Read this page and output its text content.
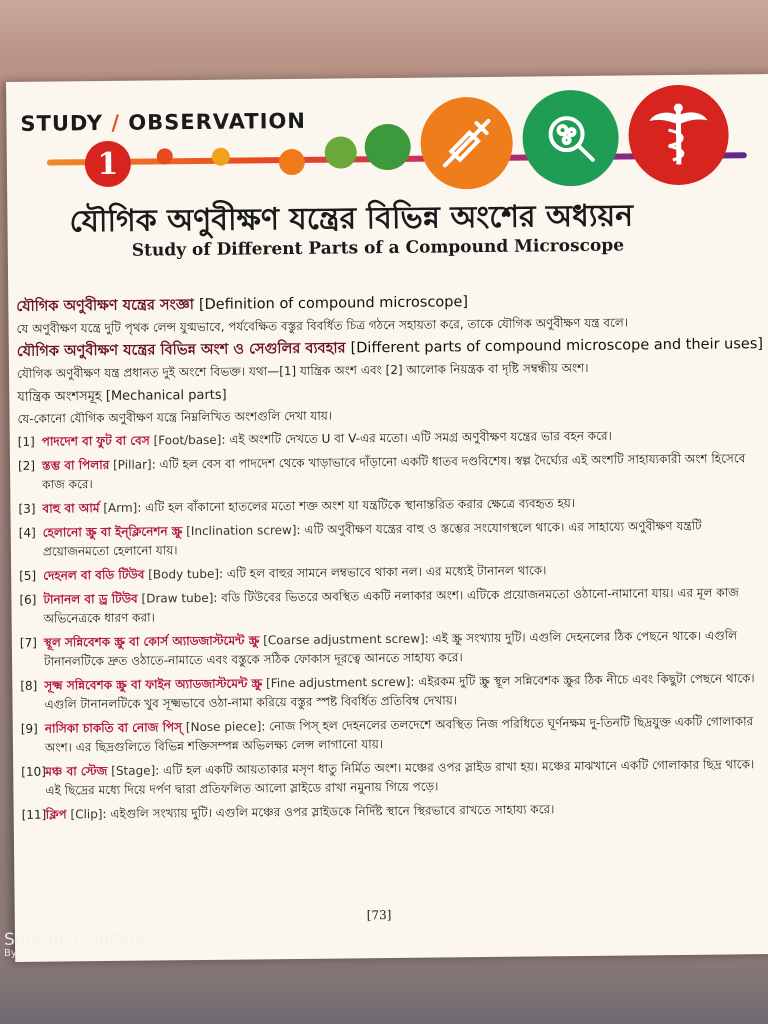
STUDY / OBSERVATION
1
যৌগিক অণুবীক্ষণ যন্ত্রের বিভিন্ন অংশের অধ্যয়ন
Study of Different Parts of a Compound Microscope
যৌগিক অণুবীক্ষণ যন্ত্রের সংজ্ঞা [Definition of compound microscope]
যে অণুবীক্ষণ যন্ত্রে দুটি পৃথক লেন্স যুগ্মভাবে, পর্যবেক্ষিত বস্তুর বিবর্ধিত চিত্র গঠনে সহায়তা করে, তাকে যৌগিক অণুবীক্ষণ যন্ত্র বলে।
যৌগিক অণুবীক্ষণ যন্ত্রের বিভিন্ন অংশ ও সেগুলির ব্যবহার [Different parts of compound microscope and their uses]
যৌগিক অণুবীক্ষণ যন্ত্র প্রধানত দুই অংশে বিভক্ত। যথা—[1] যান্ত্রিক অংশ এবং [2] আলোক নিয়ন্ত্রক বা দৃষ্টি সম্বন্ধীয় অংশ।
যান্ত্রিক অংশসমূহ [Mechanical parts]
যে-কোনো যৌগিক অণুবীক্ষণ যন্ত্রে নিম্নলিখিত অংশগুলি দেখা যায়।
[1] পাদদেশ বা ফুট বা বেস [Foot/base]: এই অংশটি দেখতে U বা V-এর মতো। এটি সমগ্র অণুবীক্ষণ যন্ত্রের ভার বহন করে।
[2] স্তম্ভ বা পিলার [Pillar]: এটি হল বেস বা পাদদেশ থেকে খাড়াভাবে দাঁড়ানো একটি ধাতব দণ্ডবিশেষ। স্বল্প দৈর্ঘ্যের এই অংশটি সাহায্যকারী অংশ হিসেবে কাজ করে।
[3] বাহু বা আর্ম [Arm]: এটি হল বাঁকানো হাতলের মতো শক্ত অংশ যা যন্ত্রটিকে স্থানান্তরিত করার ক্ষেত্রে ব্যবহৃত হয়।
[4] হেলানো স্ক্রু বা ইন্‌ক্লিনেশন স্ক্রু [Inclination screw]: এটি অণুবীক্ষণ যন্ত্রের বাহু ও স্তম্ভের সংযোগস্থলে থাকে। এর সাহায্যে অণুবীক্ষণ যন্ত্রটি প্রয়োজনমতো হেলানো যায়।
[5] দেহনল বা বডি টিউব [Body tube]: এটি হল বাহুর সামনে লম্বভাবে থাকা নল। এর মধ্যেই টানানল থাকে।
[6] টানানল বা ড্র টিউব [Draw tube]: বডি টিউবের ভিতরে অবস্থিত একটি নলাকার অংশ। এটিকে প্রয়োজনমতো ওঠানো-নামানো যায়। এর মূল কাজ অভিনেত্রকে ধারণ করা।
[7] স্থূল সন্নিবেশক স্ক্রু বা কোর্স অ্যাডজাস্টমেন্ট স্ক্রু [Coarse adjustment screw]: এই স্ক্রু সংখ্যায় দুটি। এগুলি দেহনলের ঠিক পেছনে থাকে। এগুলি টানানলটিকে দ্রুত ওঠাতে-নামাতে এবং বস্তুকে সঠিক ফোকাস দূরত্বে আনতে সাহায্য করে।
[8] সূক্ষ্ম সন্নিবেশক স্ক্রু বা ফাইন অ্যাডজাস্টমেন্ট স্ক্রু [Fine adjustment screw]: এইরকম দুটি স্ক্রু স্থূল সন্নিবেশক স্ক্রুর ঠিক নীচে এবং কিছুটা পেছনে থাকে। এগুলি টানানলটিকে খুব সূক্ষ্মভাবে ওঠা-নামা করিয়ে বস্তুর স্পষ্ট বিবর্ধিত প্রতিবিম্ব দেখায়।
[9] নাসিকা চাকতি বা নোজ পিস্‌ [Nose piece]: নোজ পিস্‌ হল দেহনলের তলদেশে অবস্থিত নিজ পরিধিতে ঘূর্ণনক্ষম দু-তিনটি ছিদ্রযুক্ত একটি গোলাকার অংশ। এর ছিদ্রগুলিতে বিভিন্ন শক্তিসম্পন্ন অভিলক্ষ্য লেন্স লাগানো যায়।
[10] মঞ্চ বা স্টেজ [Stage]: এটি হল একটি আয়তাকার মসৃণ ধাতু নির্মিত অংশ। মঞ্চের ওপর স্লাইড রাখা হয়। মঞ্চের মাঝখানে একটি গোলাকার ছিদ্র থাকে। এই ছিদ্রের মধ্যে দিয়ে দর্পণ দ্বারা প্রতিফলিত আলো স্লাইডে রাখা নমুনায় গিয়ে পড়ে।
[11] ক্লিপ [Clip]: এইগুলি সংখ্যায় দুটি। এগুলি মঞ্চের ওপর স্লাইডকে নির্দিষ্ট স্থানে স্থিরভাবে রাখতে সাহায্য করে।
[73]
Shot on OnePlus
By Zomima
